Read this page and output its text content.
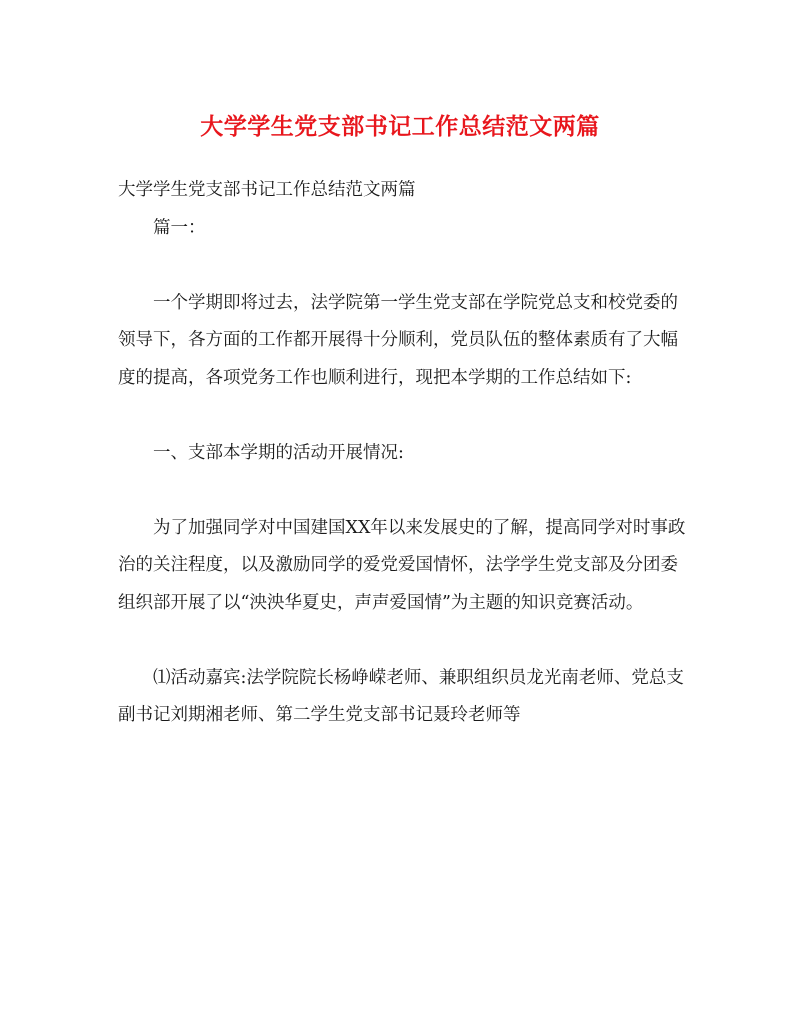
大学学生党支部书记工作总结范文两篇

大学学生党支部书记工作总结范文两篇

篇一：

一个学期即将过去，法学院第一学生党支部在学院党总支和校党委的领导下，各方面的工作都开展得十分顺利，党员队伍的整体素质有了大幅度的提高，各项党务工作也顺利进行，现把本学期的工作总结如下:

一、支部本学期的活动开展情况:

为了加强同学对中国建国XX年以来发展史的了解，提高同学对时事政治的关注程度，以及激励同学的爱党爱国情怀，法学学生党支部及分团委组织部开展了以“泱泱华夏史，声声爱国情”为主题的知识竞赛活动。

⑴活动嘉宾:法学院院长杨峥嵘老师、兼职组织员龙光南老师、党总支副书记刘期湘老师、第二学生党支部书记聂玲老师等
